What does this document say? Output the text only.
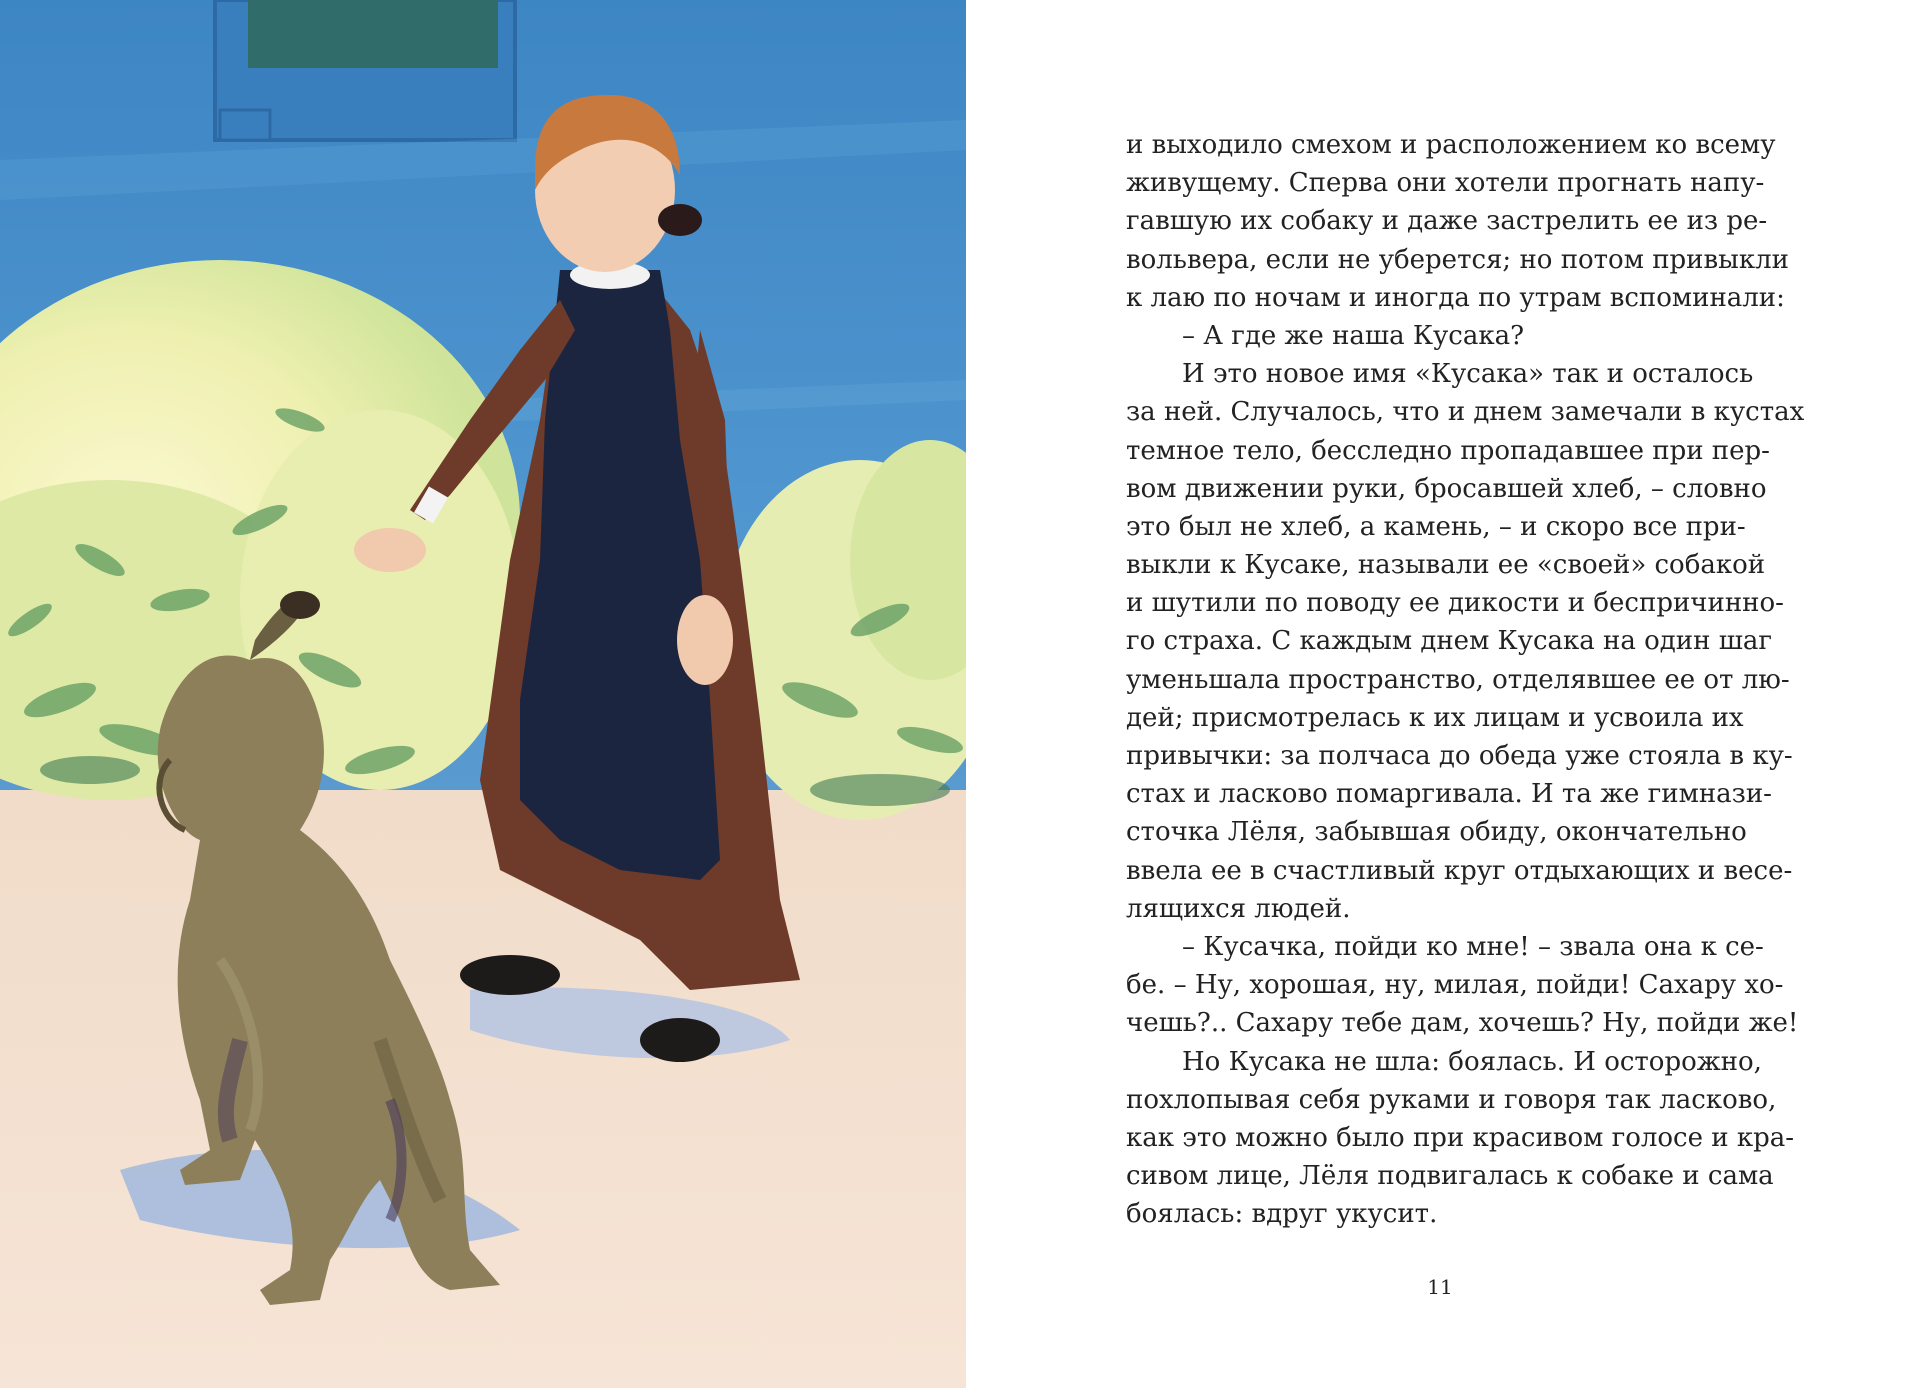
и выходило смехом и расположением ко всему
живущему. Сперва они хотели прогнать напу-
гавшую их собаку и даже застрелить ее из ре-
вольвера, если не уберется; но потом привыкли
к лаю по ночам и иногда по утрам вспоминали:
– А где же наша Кусака?
И это новое имя «Кусака» так и осталось
за ней. Случалось, что и днем замечали в кустах
темное тело, бесследно пропадавшее при пер-
вом движении руки, бросавшей хлеб, – словно
это был не хлеб, а камень, – и скоро все при-
выкли к Кусаке, называли ее «своей» собакой
и шутили по поводу ее дикости и беспричинно-
го страха. С каждым днем Кусака на один шаг
уменьшала пространство, отделявшее ее от лю-
дей; присмотрелась к их лицам и усвоила их
привычки: за полчаса до обеда уже стояла в ку-
стах и ласково помаргивала. И та же гимнази-
сточка Лёля, забывшая обиду, окончательно
ввела ее в счастливый круг отдыхающих и весе-
лящихся людей.
– Кусачка, пойди ко мне! – звала она к се-
бе. – Ну, хорошая, ну, милая, пойди! Сахару хо-
чешь?.. Сахару тебе дам, хочешь? Ну, пойди же!
Но Кусака не шла: боялась. И осторожно,
похлопывая себя руками и говоря так ласково,
как это можно было при красивом голосе и кра-
сивом лице, Лёля подвигалась к собаке и сама
боялась: вдруг укусит.
11
